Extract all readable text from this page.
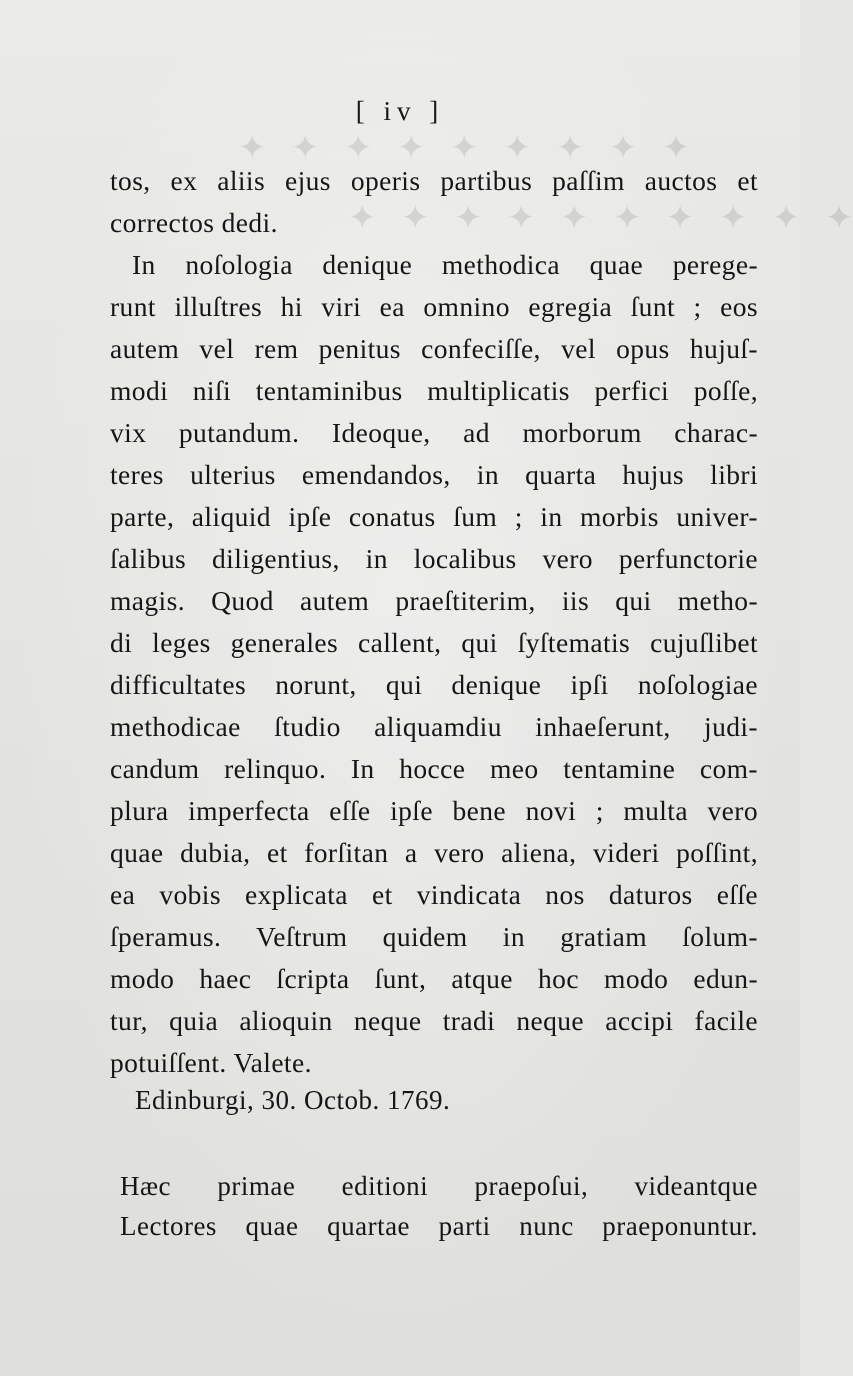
✦ ✦ ✦ ✦ ✦ ✦ ✦ ✦ ✦
✦ ✦ ✦ ✦ ✦ ✦ ✦ ✦ ✦ ✦
[ iv ]
tos, ex aliis ejus operis partibus paſſim auctos et
correctos dedi.
In noſologia denique methodica quae perege-
runt illuſtres hi viri ea omnino egregia ſunt ; eos
autem vel rem penitus confeciſſe, vel opus hujuſ-
modi niſi tentaminibus multiplicatis perfici poſſe,
vix putandum. Ideoque, ad morborum charac-
teres ulterius emendandos, in quarta hujus libri
parte, aliquid ipſe conatus ſum ; in morbis univer-
ſalibus diligentius, in localibus vero perfunctorie
magis. Quod autem praeſtiterim, iis qui metho-
di leges generales callent, qui ſyſtematis cujuſlibet
difficultates norunt, qui denique ipſi noſologiae
methodicae ſtudio aliquamdiu inhaeſerunt, judi-
candum relinquo. In hocce meo tentamine com-
plura imperfecta eſſe ipſe bene novi ; multa vero
quae dubia, et forſitan a vero aliena, videri poſſint,
ea vobis explicata et vindicata nos daturos eſſe
ſperamus. Veſtrum quidem in gratiam ſolum-
modo haec ſcripta ſunt, atque hoc modo edun-
tur, quia alioquin neque tradi neque accipi facile
potuiſſent. Valete.
Edinburgi, 30. Octob. 1769.
Hæc primae editioni praepoſui, videantque
Lectores quae quartae parti nunc praeponuntur.
